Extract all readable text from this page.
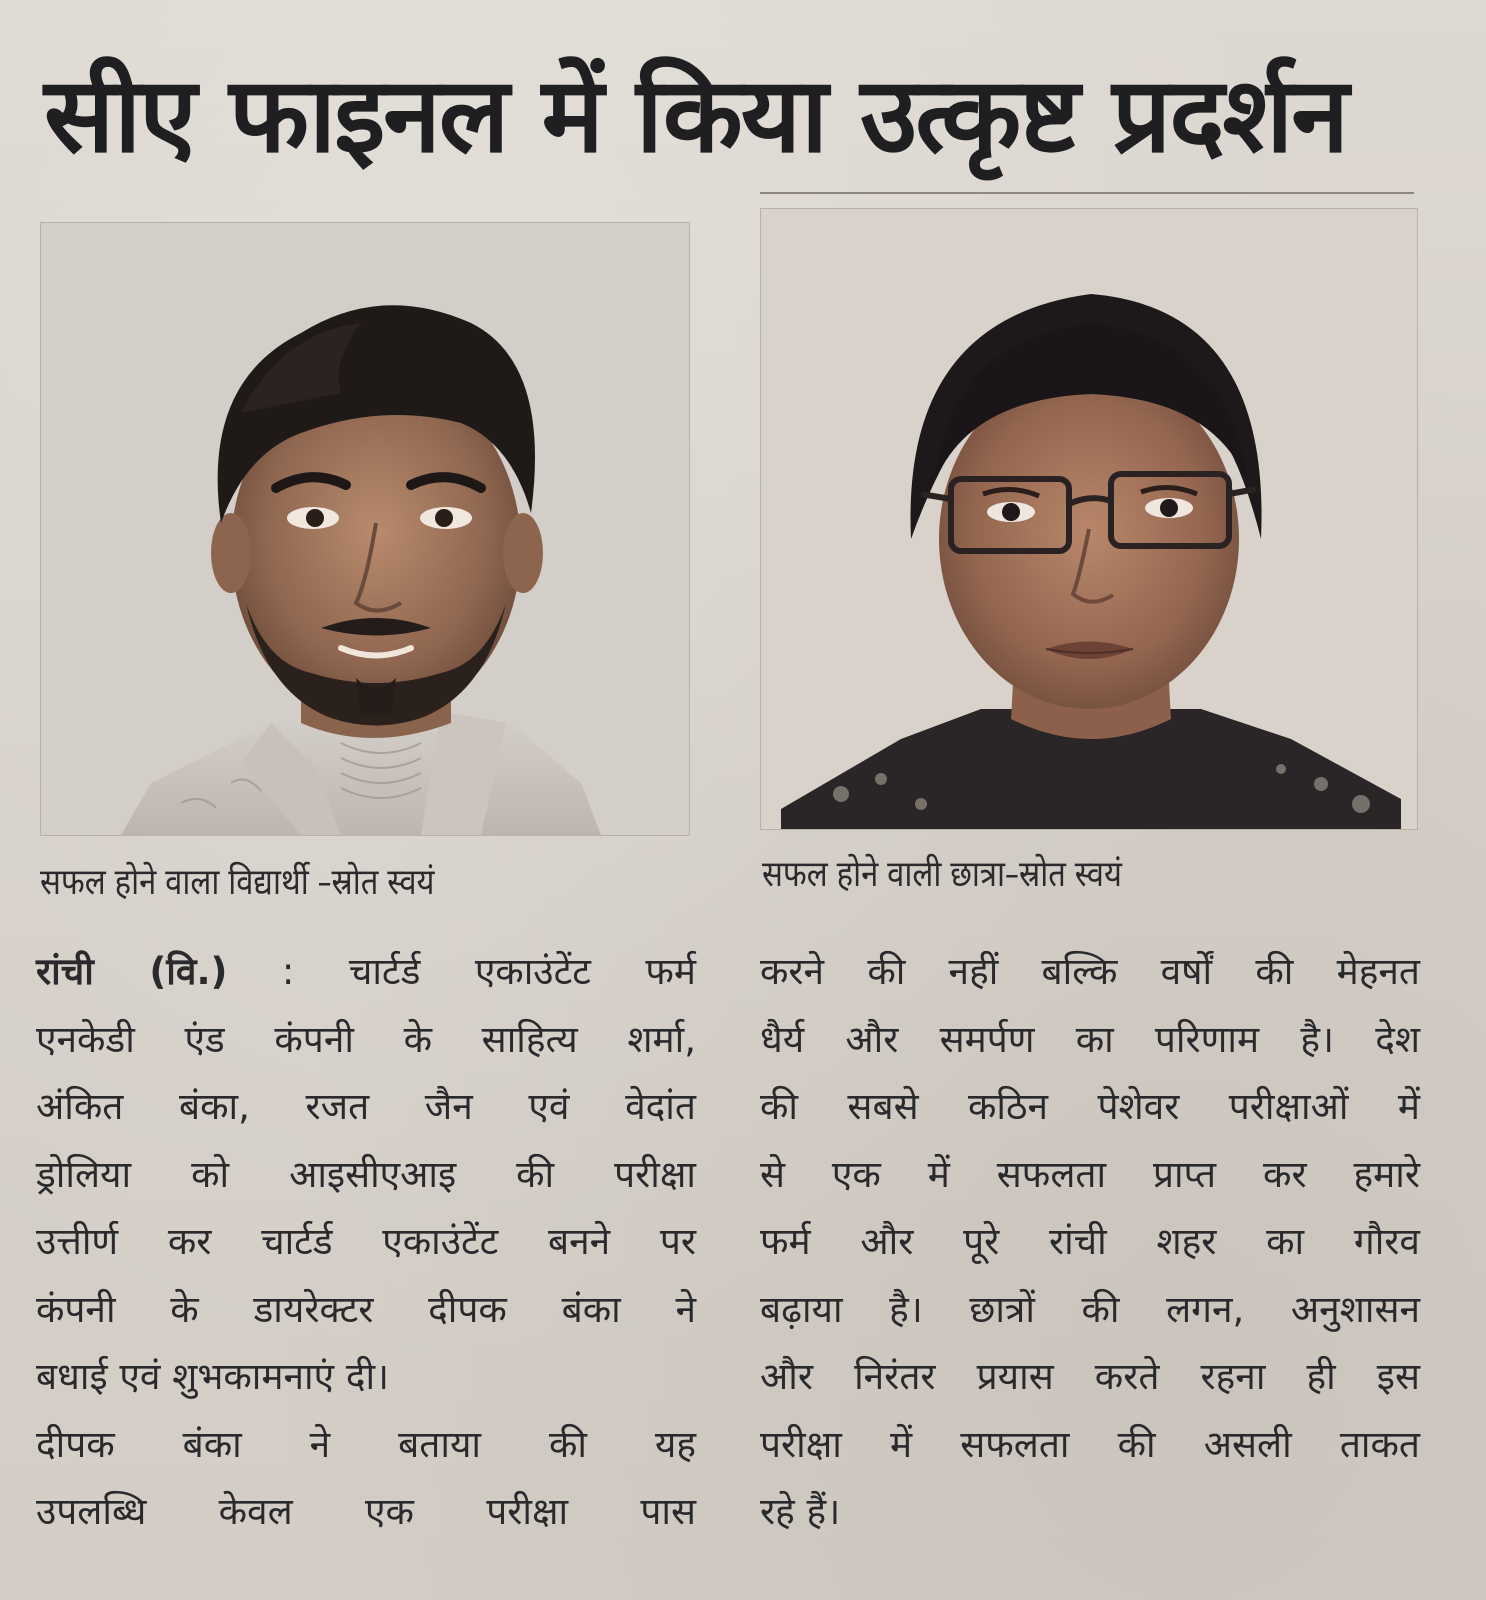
सीए फाइनल में किया उत्कृष्ट प्रदर्शन
सफल होने वाला विद्यार्थी –स्रोत स्वयं	सफल होने वाली छात्रा–स्रोत स्वयं
रांची (वि.) : चार्टर्ड एकाउंटेंट फर्म
एनकेडी एंड कंपनी के साहित्य शर्मा,
अंकित बंका, रजत जैन एवं वेदांत
ड्रोलिया को आइसीएआइ की परीक्षा
उत्तीर्ण कर चार्टर्ड एकाउंटेंट बनने पर
कंपनी के डायरेक्टर दीपक बंका ने
बधाई एवं शुभकामनाएं दी।
दीपक बंका ने बताया की यह
उपलब्धि केवल एक परीक्षा पास
करने की नहीं बल्कि वर्षों की मेहनत
धैर्य और समर्पण का परिणाम है। देश
की सबसे कठिन पेशेवर परीक्षाओं में
से एक में सफलता प्राप्त कर हमारे
फर्म और पूरे रांची शहर का गौरव
बढ़ाया है। छात्रों की लगन, अनुशासन
और निरंतर प्रयास करते रहना ही इस
परीक्षा में सफलता की असली ताकत
रहे हैं।
